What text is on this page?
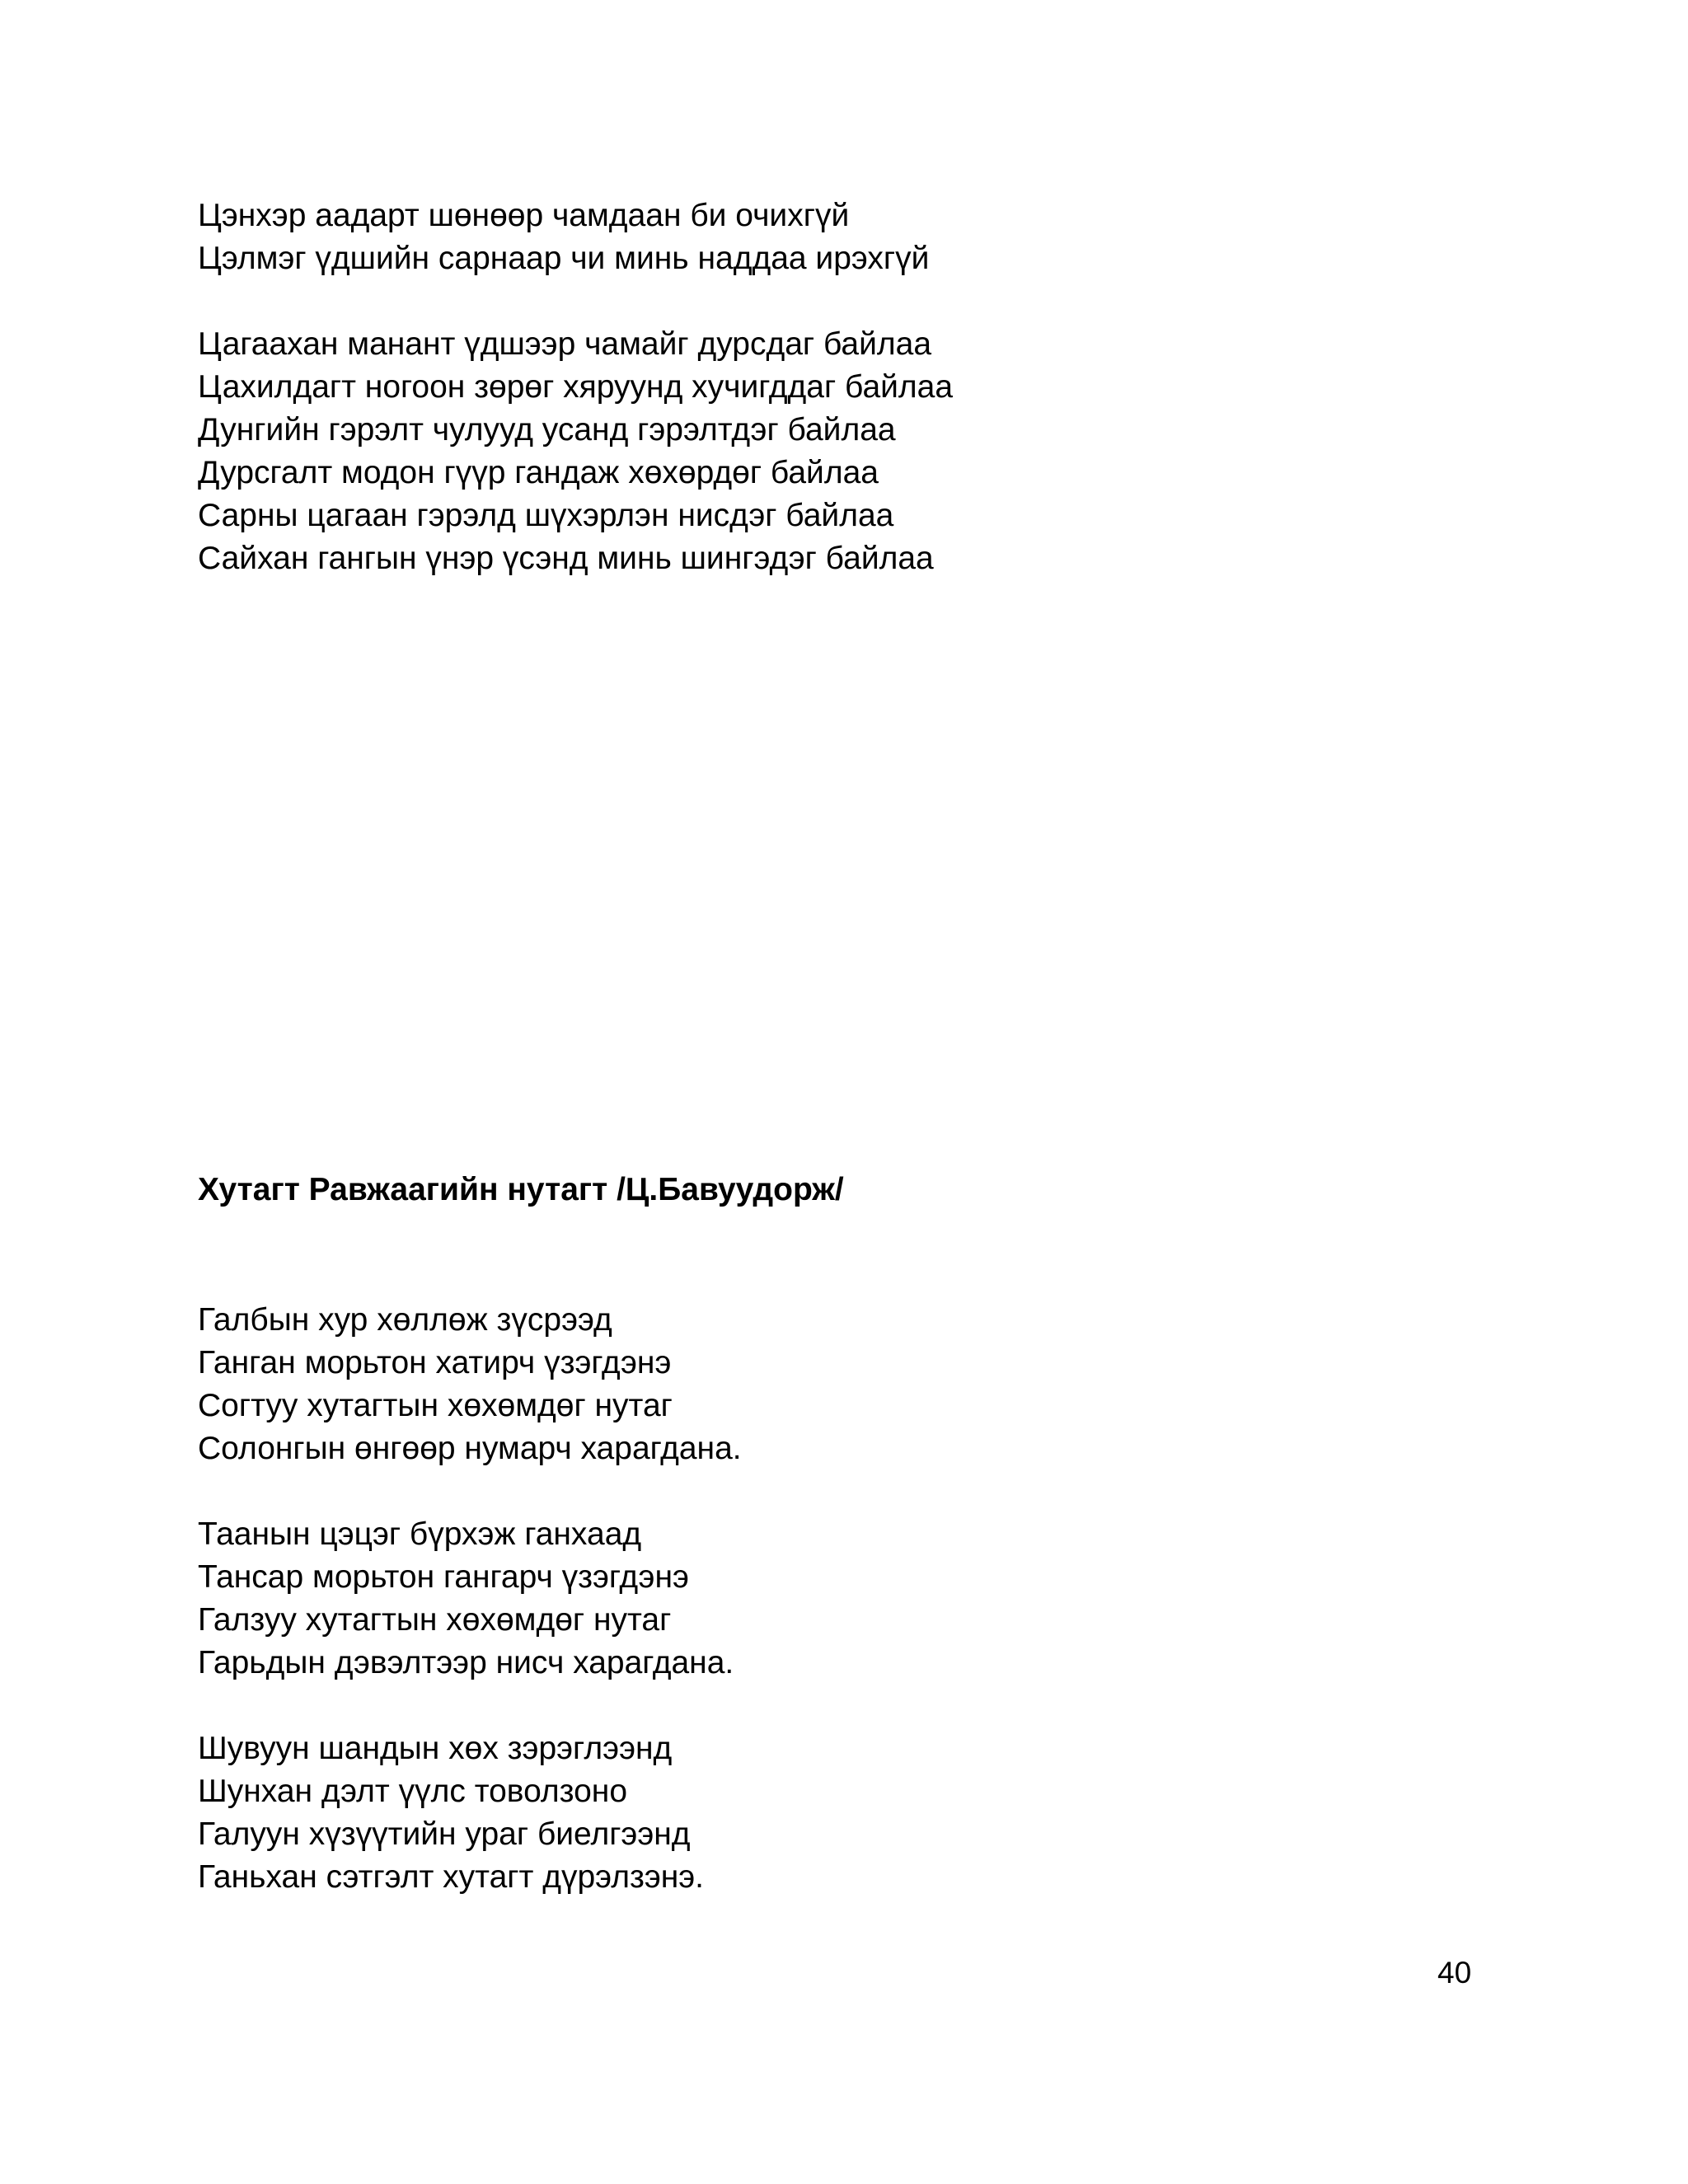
Цэнхэр аадарт шөнөөр чамдаан би очихгүй
Цэлмэг үдшийн сарнаар чи минь наддаа ирэхгүй
Цагаахан манант үдшээр чамайг дурсдаг байлаа
Цахилдагт ногоон зөрөг хяруунд хучигддаг байлаа
Дунгийн гэрэлт чулууд усанд гэрэлтдэг байлаа
Дурсгалт модон гүүр гандаж хөхөрдөг байлаа
Сарны цагаан гэрэлд шүхэрлэн нисдэг байлаа
Сайхан гангын үнэр үсэнд минь шингэдэг байлаа
Хутагт Равжаагийн нутагт /Ц.Бавуудорж/
Галбын хур хөллөж зүсрээд
Ганган морьтон хатирч үзэгдэнэ
Согтуу хутагтын хөхөмдөг нутаг
Солонгын өнгөөр нумарч харагдана.
Таанын цэцэг бүрхэж ганхаад
Тансар морьтон гангарч үзэгдэнэ
Галзуу хутагтын хөхөмдөг нутаг
Гарьдын дэвэлтээр нисч харагдана.
Шувуун шандын хөх зэрэглээнд
Шунхан дэлт үүлс товолзоно
Галуун хүзүүтийн ураг биелгээнд
Ганьхан сэтгэлт хутагт дүрэлзэнэ.
40
